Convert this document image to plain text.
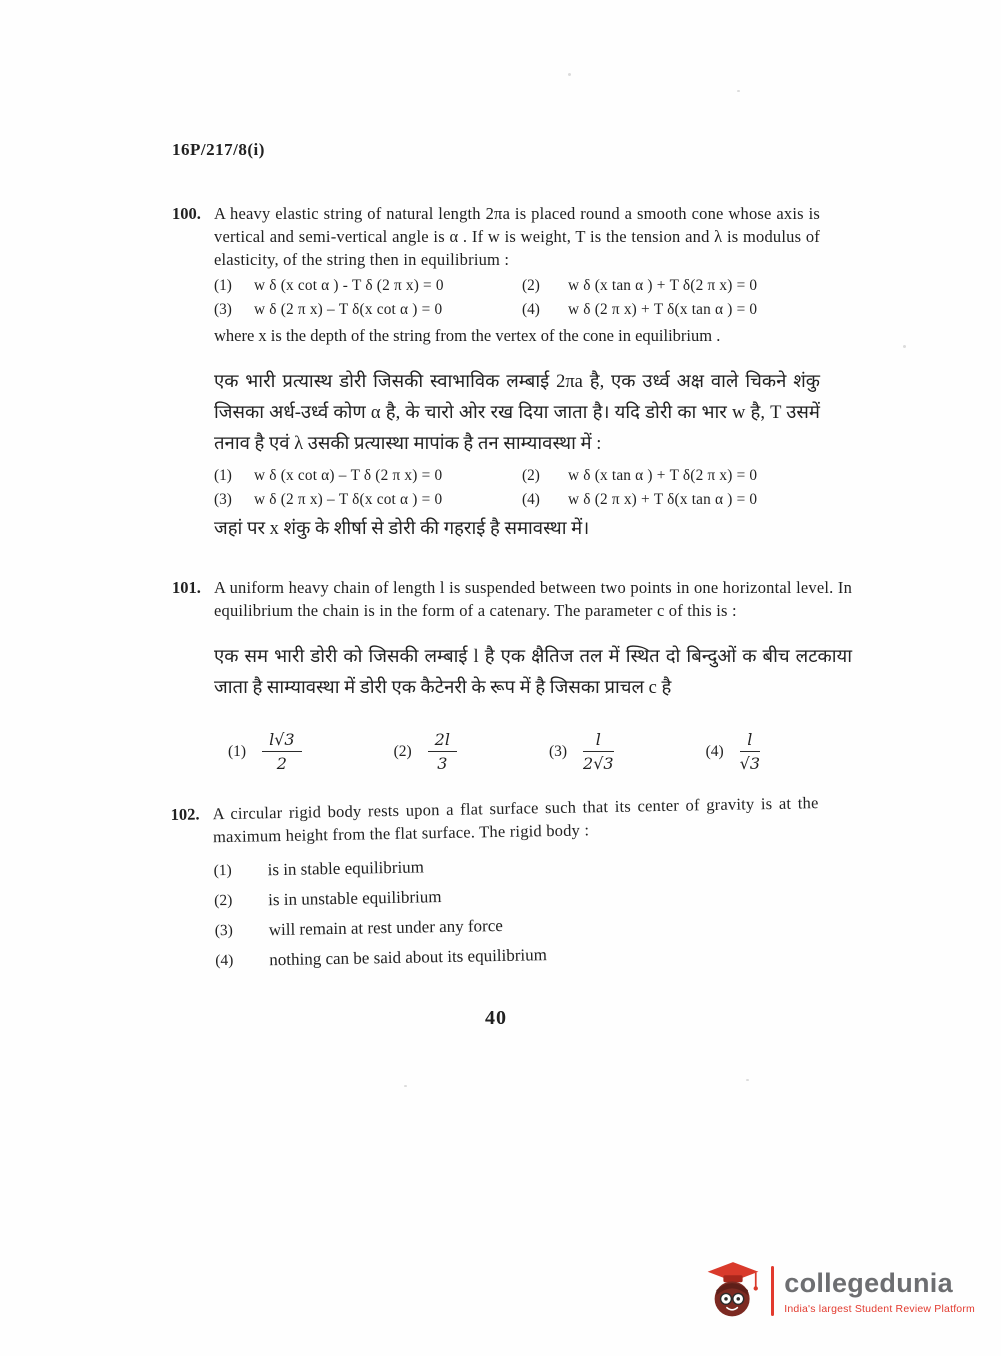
16P/217/8(i)
100. A heavy elastic string of natural length 2πa is placed round a smooth cone whose axis is vertical and semi-vertical angle is α . If w is weight, T is the tension and λ is modulus of elasticity, of the string then in equilibrium :

(1)	w δ (x cot α ) - T δ (2 π x) = 0	(2)	w δ (x tan α ) + T δ(2 π x) = 0
(3)	w δ (2 π x) – T δ(x cot α ) = 0	(4)	w δ (2 π x) + T δ(x tan α ) = 0

where x is the depth of the string from the vertex of the cone in equilibrium .

एक भारी प्रत्यास्थ डोरी जिसकी स्वाभाविक लम्बाई 2πa है, एक उर्ध्व अक्ष वाले चिकने शंकु जिसका अर्ध-उर्ध्व कोण α है, के चारो ओर रख दिया जाता है। यदि डोरी का भार w है, T उसमें तनाव है एवं λ उसकी प्रत्यास्था मापांक है तन साम्यावस्था में :

(1)	w δ (x cot α) – T δ (2 π x) = 0	(2)	w δ (x tan α ) + T δ(2 π x) = 0
(3)	w δ (2 π x) – T δ(x cot α ) = 0	(4)	w δ (2 π x) + T δ(x tan α ) = 0

जहां पर x शंकु के शीर्षा से डोरी की गहराई है समावस्था में।

101. A uniform heavy chain of length l is suspended between two points in one horizontal level. In equilibrium the chain is in the form of a catenary. The parameter c of this is :

एक सम भारी डोरी को जिसकी लम्बाई l है एक क्षैतिज तल में स्थित दो बिन्दुओं क बीच लटकाया जाता है साम्यावस्था में डोरी एक कैटेनरी के रूप में है जिसका प्राचल c है

$(1) \frac{l√3}{2}$	$(2) \frac{2l}{3}$	$(3) \frac{l}{2√3}$	$(4) \frac{l}{√3}$
102. A circular rigid body rests upon a flat surface such that its center of gravity is at the maximum height from the flat surface. The rigid body :

(1)	is in stable equilibrium
(2)	is in unstable equilibrium
(3)	will remain at rest under any force
(4)	nothing can be said about its equilibrium
40
collegedunia
India's largest Student Review Platform
